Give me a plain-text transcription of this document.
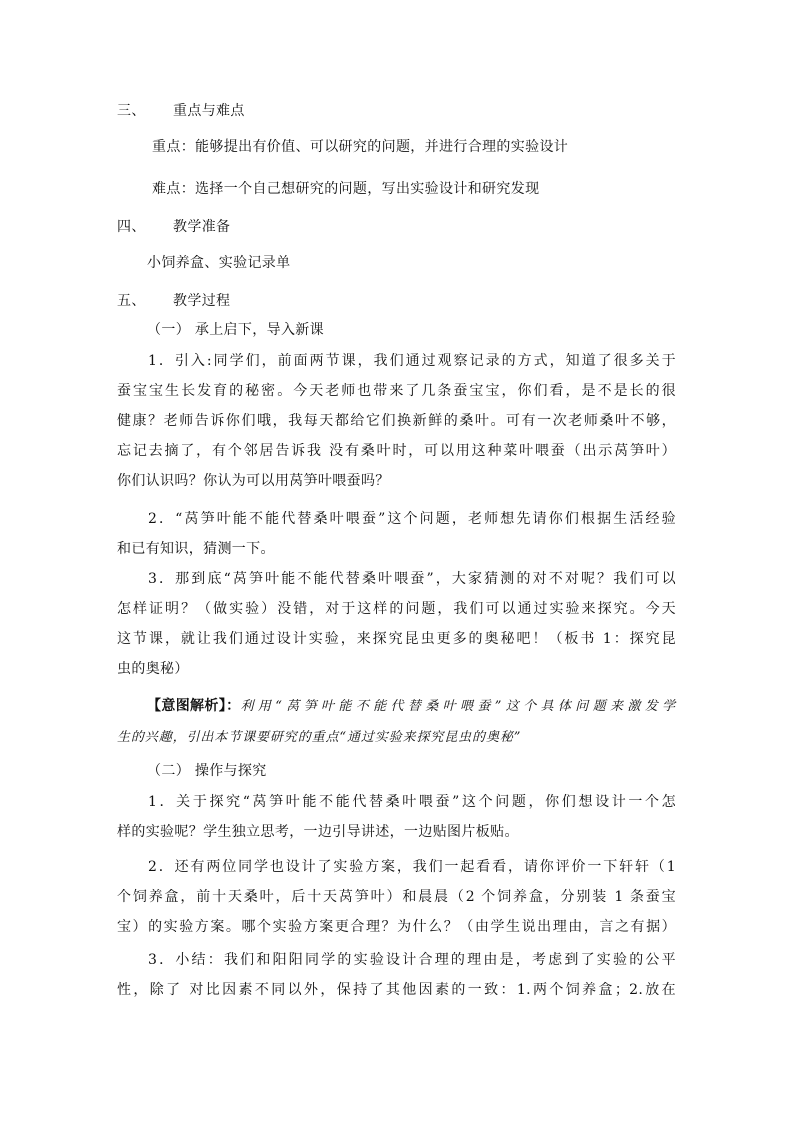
三、 重点与难点
重点：能够提出有价值、可以研究的问题，并进行合理的实验设计
难点：选择一个自己想研究的问题，写出实验设计和研究发现
四、 教学准备
小饲养盒、实验记录单
五、 教学过程
（一） 承上启下，导入新课
1．引入:同学们，前面两节课，我们通过观察记录的方式，知道了很多关于
蚕宝宝生长发育的秘密。今天老师也带来了几条蚕宝宝，你们看，是不是长的很
健康？老师告诉你们哦，我每天都给它们换新鲜的桑叶。可有一次老师桑叶不够，
忘记去摘了，有个邻居告诉我 没有桑叶时，可以用这种菜叶喂蚕（出示莴笋叶）
你们认识吗？你认为可以用莴笋叶喂蚕吗？
2．“莴笋叶能不能代替桑叶喂蚕”这个问题，老师想先请你们根据生活经验
和已有知识，猜测一下。
3．那到底“莴笋叶能不能代替桑叶喂蚕”，大家猜测的对不对呢？我们可以
怎样证明？（做实验）没错，对于这样的问题，我们可以通过实验来探究。今天
这节课，就让我们通过设计实验，来探究昆虫更多的奥秘吧！（板书 1：探究昆
虫的奥秘）
【意图解析】： 利用“莴笋叶能不能代替桑叶喂蚕”这个具体问题来激发学
生的兴趣，引出本节课要研究的重点“通过实验来探究昆虫的奥秘”
（二） 操作与探究
1．关于探究“莴笋叶能不能代替桑叶喂蚕”这个问题，你们想设计一个怎
样的实验呢？学生独立思考，一边引导讲述，一边贴图片板贴。
2．还有两位同学也设计了实验方案，我们一起看看，请你评价一下轩轩（1
个饲养盒，前十天桑叶，后十天莴笋叶）和晨晨（2 个饲养盒，分别装 1 条蚕宝
宝）的实验方案。哪个实验方案更合理？为什么？（由学生说出理由，言之有据）
3．小结：我们和阳阳同学的实验设计合理的理由是，考虑到了实验的公平
性，除了 对比因素不同以外，保持了其他因素的一致：1.两个饲养盒；2.放在
